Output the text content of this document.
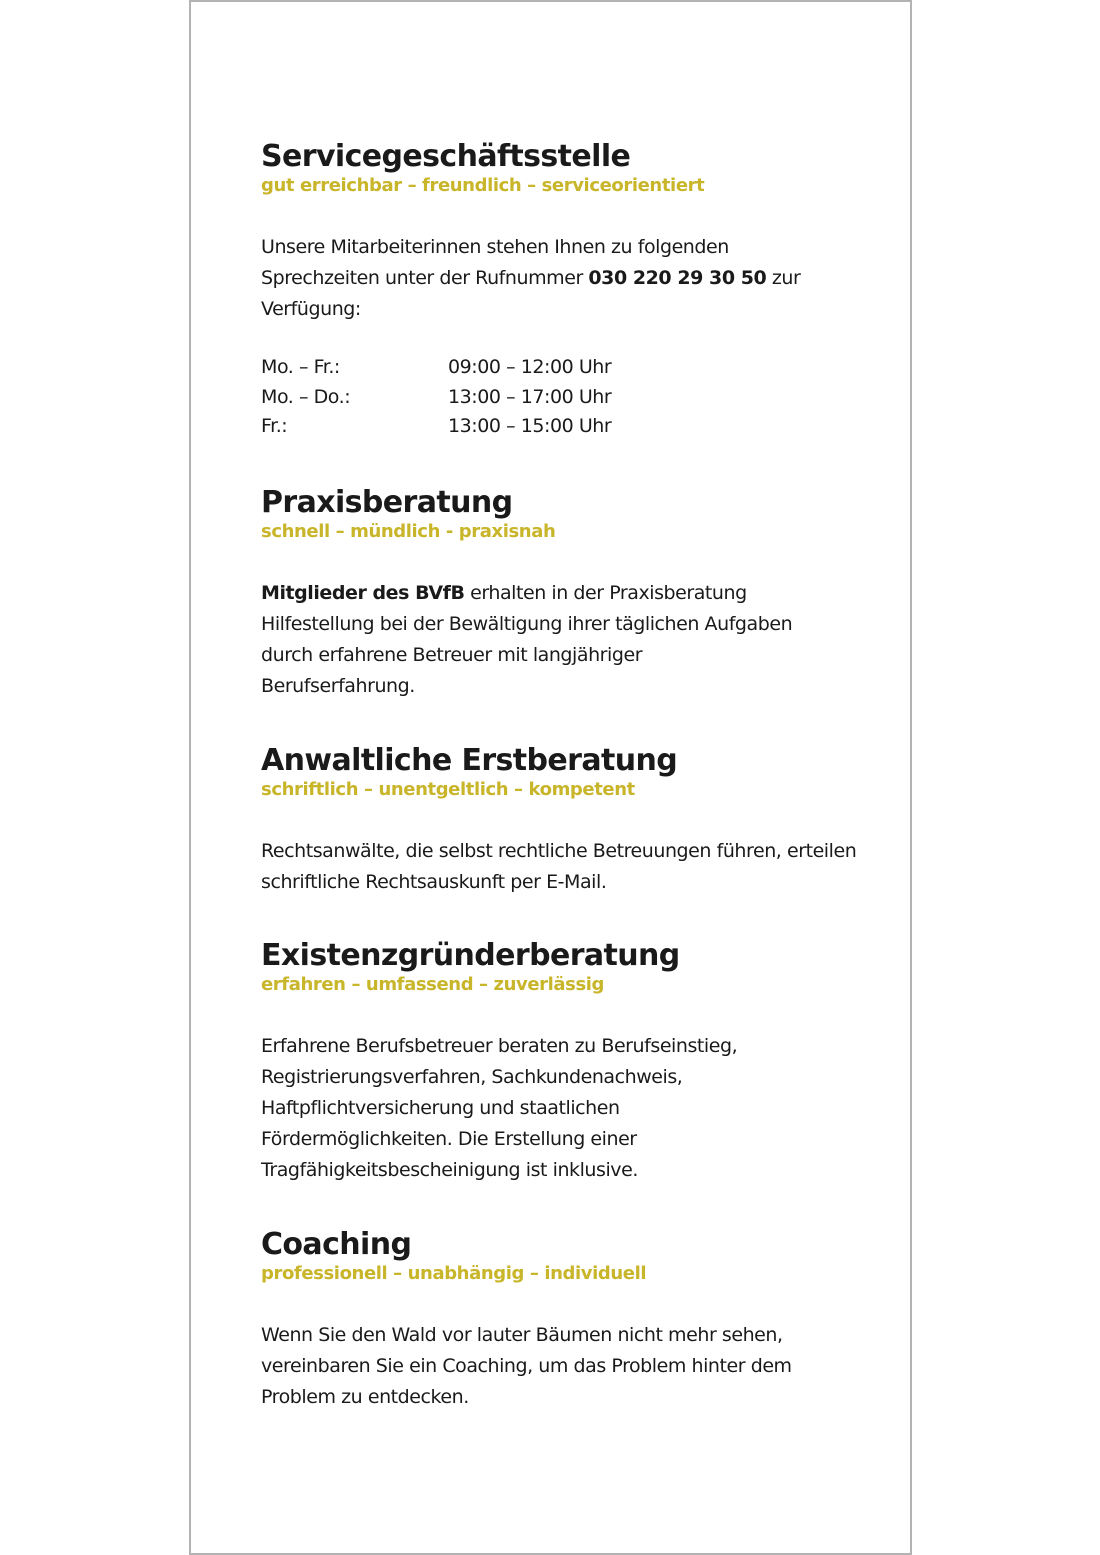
Servicegeschäftsstelle
gut erreichbar – freundlich – serviceorientiert

Unsere Mitarbeiterinnen stehen Ihnen zu folgenden Sprechzeiten unter der Rufnummer 030 220 29 30 50 zur Verfügung:

Mo. – Fr.:	09:00 – 12:00 Uhr
Mo. – Do.:	13:00 – 17:00 Uhr
Fr.:	13:00 – 15:00 Uhr
Praxisberatung
schnell – mündlich - praxisnah

Mitglieder des BVfB erhalten in der Praxisberatung Hilfestellung bei der Bewältigung ihrer täglichen Aufgaben durch erfahrene Betreuer mit langjähriger Berufserfahrung.

Anwaltliche Erstberatung
schriftlich – unentgeltlich – kompetent

Rechtsanwälte, die selbst rechtliche Betreuungen führen, erteilen schriftliche Rechtsauskunft per E-Mail.

Existenzgründerberatung
erfahren – umfassend – zuverlässig

Erfahrene Berufsbetreuer beraten zu Berufseinstieg, Registrierungsverfahren, Sachkundenachweis, Haftpflichtversicherung und staatlichen Fördermöglichkeiten. Die Erstellung einer Tragfähigkeitsbescheinigung ist inklusive.

Coaching
professionell – unabhängig – individuell

Wenn Sie den Wald vor lauter Bäumen nicht mehr sehen, vereinbaren Sie ein Coaching, um das Problem hinter dem Problem zu entdecken.
